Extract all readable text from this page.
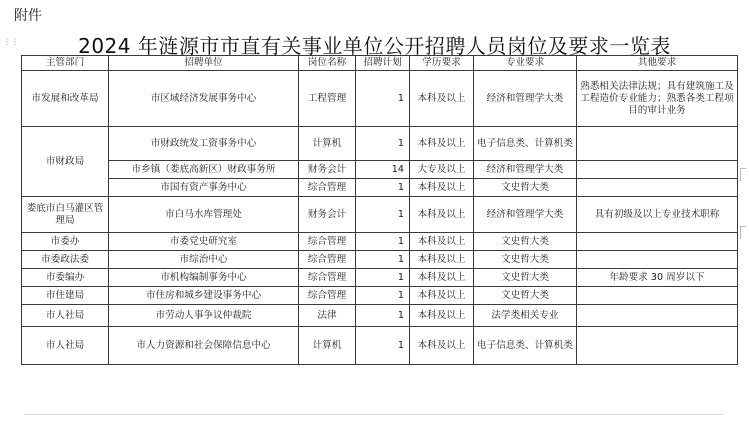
⋮⋮
附件
2024 年涟源市市直有关事业单位公开招聘人员岗位及要求一览表
主管部门	招聘单位	岗位名称	招聘计划	学历要求	专业要求	其他要求
市发展和改革局	市区域经济发展事务中心	工程管理	1	本科及以上	经济和管理学大类	熟悉相关法律法规；具有建筑施工及工程造价专业能力；熟悉各类工程项目的审计业务
市财政局	市财政统发工资事务中心	计算机	1	本科及以上	电子信息类、计算机类	
	市乡镇（娄底高新区）财政事务所	财务会计	14	大专及以上	经济和管理学大类	
	市国有资产事务中心	综合管理	1	本科及以上	文史哲大类	
娄底市白马灌区管理局	市白马水库管理处	财务会计	1	本科及以上	经济和管理学大类	具有初级及以上专业技术职称
市委办	市委党史研究室	综合管理	1	本科及以上	文史哲大类	
市委政法委	市综治中心	综合管理	1	本科及以上	文史哲大类	
市委编办	市机构编制事务中心	综合管理	1	本科及以上	文史哲大类	年龄要求 30 周岁以下
市住建局	市住房和城乡建设事务中心	综合管理	1	本科及以上	文史哲大类	
市人社局	市劳动人事争议仲裁院	法律	1	本科及以上	法学类相关专业	
市人社局	市人力资源和社会保障信息中心	计算机	1	本科及以上	电子信息类、计算机类	
